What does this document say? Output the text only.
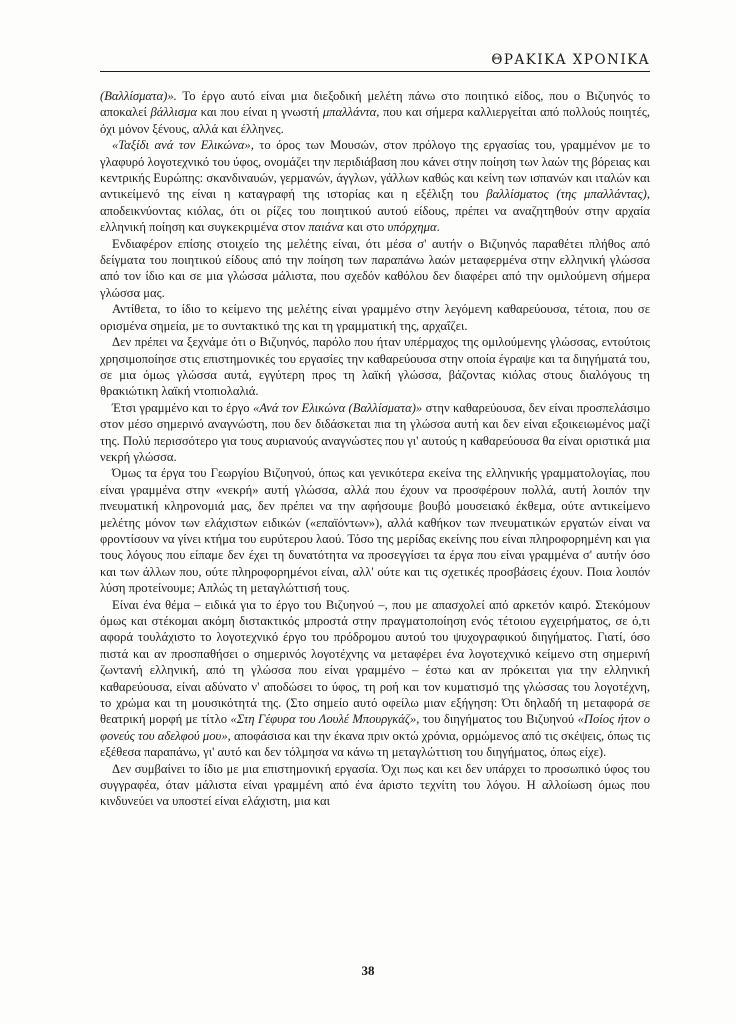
ΘΡΑΚΙΚΑ ΧΡΟΝΙΚΑ

(Βαλλίσματα)». Το έργο αυτό είναι μια διεξοδική μελέτη πάνω στο ποιητικό είδος, που ο Βιζυηνός το αποκαλεί βάλλισμα και που είναι η γνωστή μπαλλάντα, που και σήμερα καλλιεργείται από πολλούς ποιητές, όχι μόνον ξένους, αλλά και έλληνες.

«Ταξίδι ανά τον Ελικώνα», το όρος των Μουσών, στον πρόλογο της εργασίας του, γραμμένον με το γλαφυρό λογοτεχνικό του ύφος, ονομάζει την περιδιάβαση που κάνει στην ποίηση των λαών της βόρειας και κεντρικής Ευρώπης: σκανδιναυών, γερμανών, άγγλων, γάλλων καθώς και κείνη των ισπανών και ιταλών και αντικείμενό της είναι η καταγραφή της ιστορίας και η εξέλιξη του βαλλίσματος (της μπαλλάντας), αποδεικνύοντας κιόλας, ότι οι ρίζες του ποιητικού αυτού είδους, πρέπει να αναζητηθούν στην αρχαία ελληνική ποίηση και συγκεκριμένα στον παιάνα και στο υπόρχημα.

Ενδιαφέρον επίσης στοιχείο της μελέτης είναι, ότι μέσα σ' αυτήν ο Βιζυηνός παραθέτει πλήθος από δείγματα του ποιητικού είδους από την ποίηση των παραπάνω λαών μεταφερμένα στην ελληνική γλώσσα από τον ίδιο και σε μια γλώσσα μάλιστα, που σχεδόν καθόλου δεν διαφέρει από την ομιλούμενη σήμερα γλώσσα μας.

Αντίθετα, το ίδιο το κείμενο της μελέτης είναι γραμμένο στην λεγόμενη καθαρεύουσα, τέτοια, που σε ορισμένα σημεία, με το συντακτικό της και τη γραμματική της, αρχαΐζει.

Δεν πρέπει να ξεχνάμε ότι ο Βιζυηνός, παρόλο που ήταν υπέρμαχος της ομιλούμενης γλώσσας, εντούτοις χρησιμοποίησε στις επιστημονικές του εργασίες την καθαρεύουσα στην οποία έγραψε και τα διηγήματά του, σε μια όμως γλώσσα αυτά, εγγύτερη προς τη λαϊκή γλώσσα, βάζοντας κιόλας στους διαλόγους τη θρακιώτικη λαϊκή ντοπιολαλιά.

Έτσι γραμμένο και το έργο «Ανά τον Ελικώνα (Βαλλίσματα)» στην καθαρεύουσα, δεν είναι προσπελάσιμο στον μέσο σημερινό αναγνώστη, που δεν διδάσκεται πια τη γλώσσα αυτή και δεν είναι εξοικειωμένος μαζί της. Πολύ περισσότερο για τους αυριανούς αναγνώστες που γι' αυτούς η καθαρεύουσα θα είναι οριστικά μια νεκρή γλώσσα.

Όμως τα έργα του Γεωργίου Βιζυηνού, όπως και γενικότερα εκείνα της ελληνικής γραμματολογίας, που είναι γραμμένα στην «νεκρή» αυτή γλώσσα, αλλά που έχουν να προσφέρουν πολλά, αυτή λοιπόν την πνευματική κληρονομιά μας, δεν πρέπει να την αφήσουμε βουβό μουσειακό έκθεμα, ούτε αντικείμενο μελέτης μόνον των ελάχιστων ειδικών («επαϊόντων»), αλλά καθήκον των πνευματικών εργατών είναι να φροντίσουν να γίνει κτήμα του ευρύτερου λαού. Τόσο της μερίδας εκείνης που είναι πληροφορημένη και για τους λόγους που είπαμε δεν έχει τη δυνατότητα να προσεγγίσει τα έργα που είναι γραμμένα σ' αυτήν όσο και των άλλων που, ούτε πληροφορημένοι είναι, αλλ' ούτε και τις σχετικές προσβάσεις έχουν. Ποια λοιπόν λύση προτείνουμε; Απλώς τη μεταγλώττισή τους.

Είναι ένα θέμα – ειδικά για το έργο του Βιζυηνού –, που με απασχολεί από αρκετόν καιρό. Στεκόμουν όμως και στέκομαι ακόμη διστακτικός μπροστά στην πραγματοποίηση ενός τέτοιου εγχειρήματος, σε ό,τι αφορά τουλάχιστο το λογοτεχνικό έργο του πρόδρομου αυτού του ψυχογραφικού διηγήματος. Γιατί, όσο πιστά και αν προσπαθήσει ο σημερινός λογοτέχνης να μεταφέρει ένα λογοτεχνικό κείμενο στη σημερινή ζωντανή ελληνική, από τη γλώσσα που είναι γραμμένο – έστω και αν πρόκειται για την ελληνική καθαρεύουσα, είναι αδύνατο ν' αποδώσει το ύφος, τη ροή και τον κυματισμό της γλώσσας του λογοτέχνη, το χρώμα και τη μουσικότητά της. (Στο σημείο αυτό οφείλω μιαν εξήγηση: Ότι δηλαδή τη μεταφορά σε θεατρική μορφή με τίτλο «Στη Γέφυρα του Λουλέ Μπουργκάζ», του διηγήματος του Βιζυηνού «Ποίος ήτον ο φονεύς του αδελφού μου», αποφάσισα και την έκανα πριν οκτώ χρόνια, ορμώμενος από τις σκέψεις, όπως τις εξέθεσα παραπάνω, γι' αυτό και δεν τόλμησα να κάνω τη μεταγλώττιση του διηγήματος, όπως είχε).

Δεν συμβαίνει το ίδιο με μια επιστημονική εργασία. Όχι πως και κει δεν υπάρχει το προσωπικό ύφος του συγγραφέα, όταν μάλιστα είναι γραμμένη από ένα άριστο τεχνίτη του λόγου. Η αλλοίωση όμως που κινδυνεύει να υποστεί είναι ελάχιστη, μια και

38
